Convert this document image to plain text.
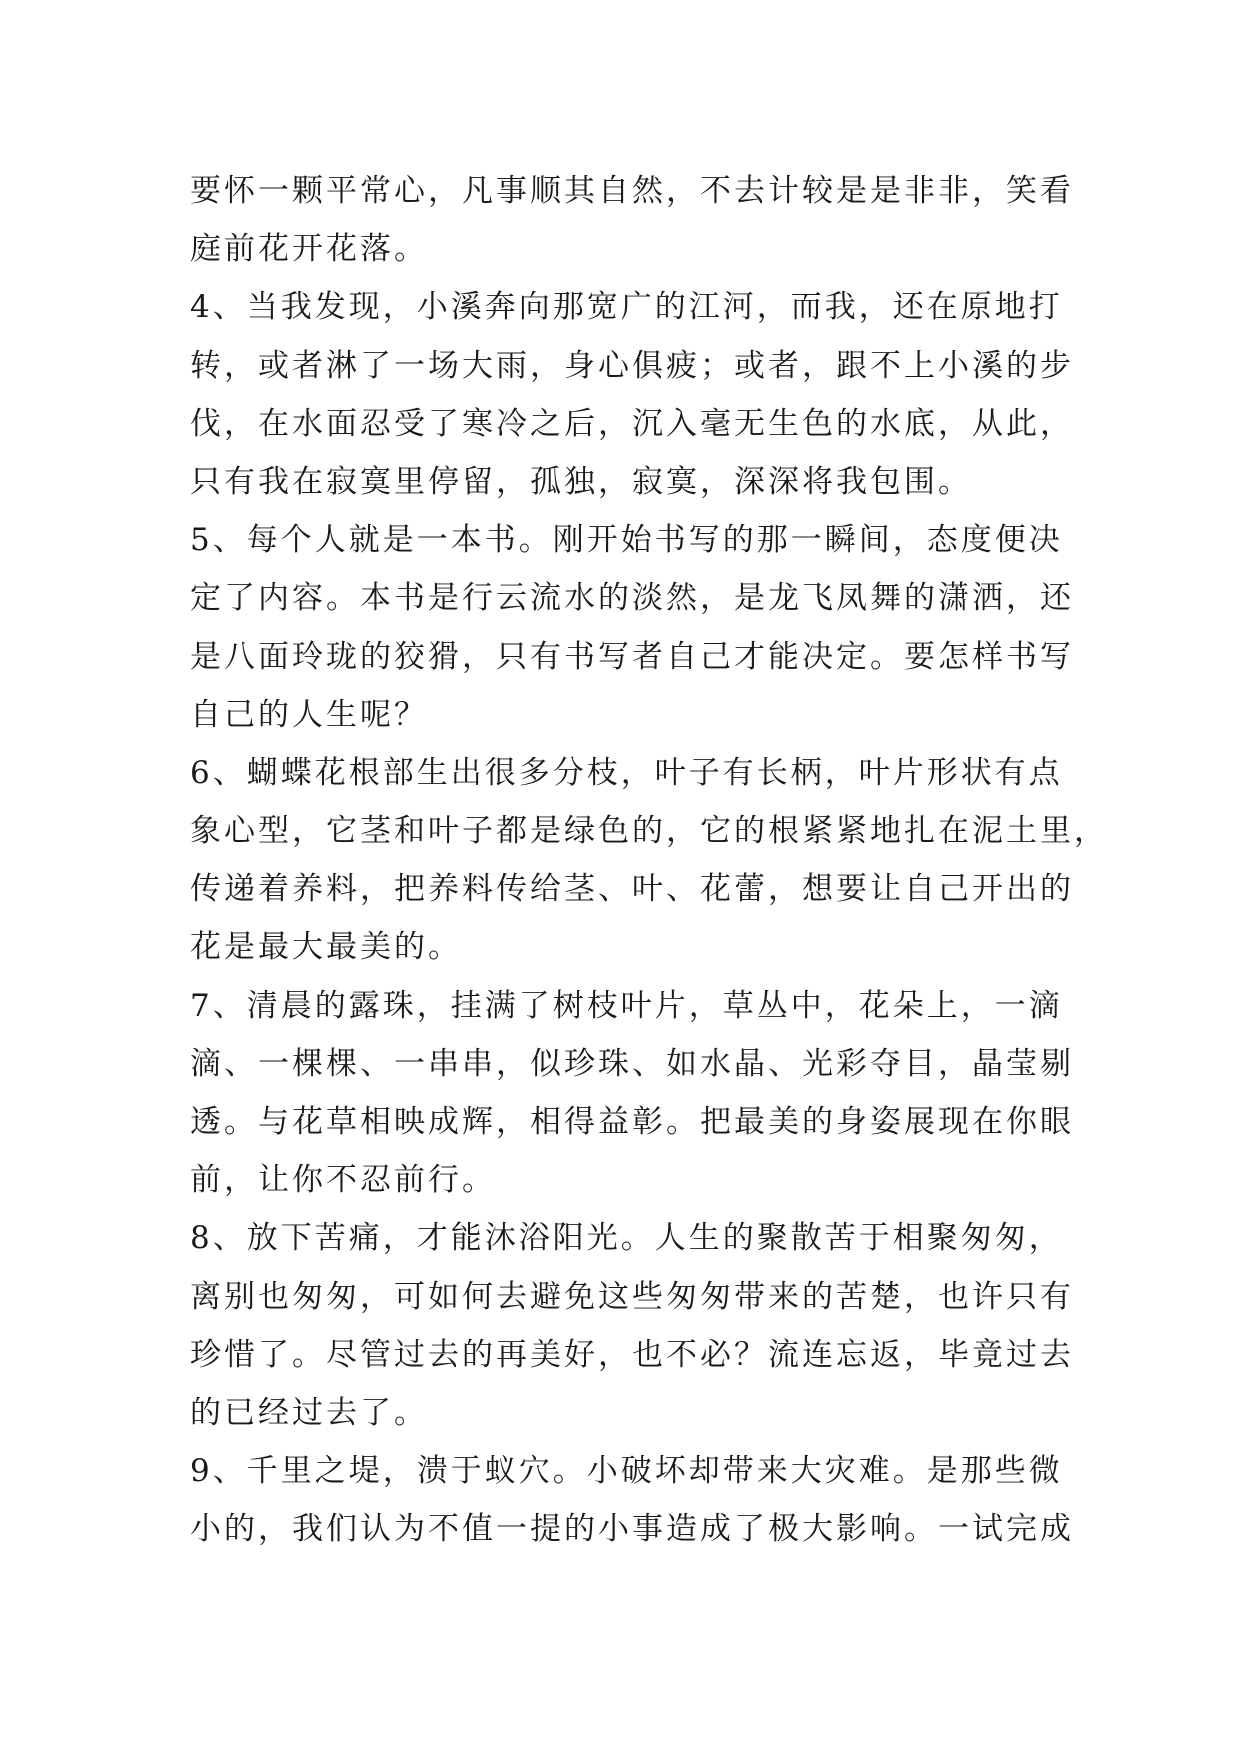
要怀一颗平常心，凡事顺其自然，不去计较是是非非，笑看
庭前花开花落。
4、当我发现，小溪奔向那宽广的江河，而我，还在原地打
转，或者淋了一场大雨，身心俱疲；或者，跟不上小溪的步
伐，在水面忍受了寒冷之后，沉入毫无生色的水底，从此，
只有我在寂寞里停留，孤独，寂寞，深深将我包围。
5、每个人就是一本书。刚开始书写的那一瞬间，态度便决
定了内容。本书是行云流水的淡然，是龙飞凤舞的潇洒，还
是八面玲珑的狡猾，只有书写者自己才能决定。要怎样书写
自己的人生呢？
6、蝴蝶花根部生出很多分枝，叶子有长柄，叶片形状有点
象心型，它茎和叶子都是绿色的，它的根紧紧地扎在泥土里，
传递着养料，把养料传给茎、叶、花蕾，想要让自己开出的
花是最大最美的。
7、清晨的露珠，挂满了树枝叶片，草丛中，花朵上，一滴
滴、一棵棵、一串串，似珍珠、如水晶、光彩夺目，晶莹剔
透。与花草相映成辉，相得益彰。把最美的身姿展现在你眼
前，让你不忍前行。
8、放下苦痛，才能沐浴阳光。人生的聚散苦于相聚匆匆，
离别也匆匆，可如何去避免这些匆匆带来的苦楚，也许只有
珍惜了。尽管过去的再美好，也不必？流连忘返，毕竟过去
的已经过去了。
9、千里之堤，溃于蚁穴。小破坏却带来大灾难。是那些微
小的，我们认为不值一提的小事造成了极大影响。一试完成
